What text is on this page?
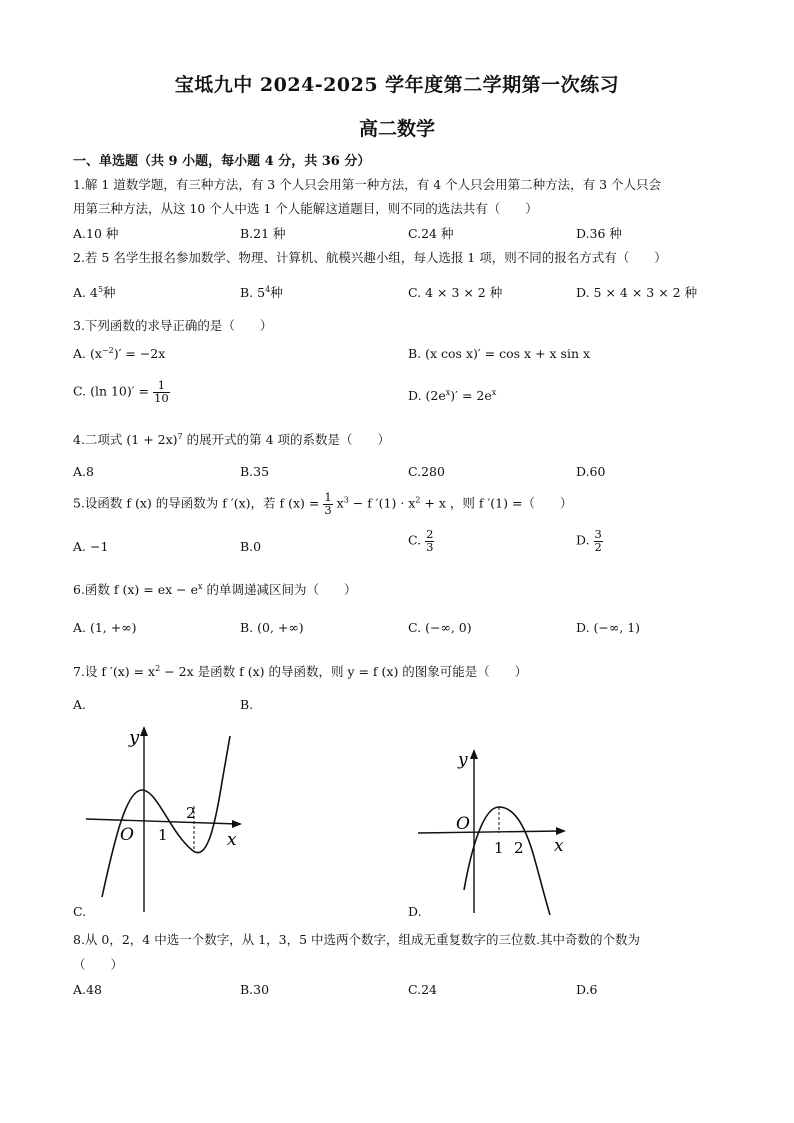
宝坻九中 2024-2025 学年度第二学期第一次练习
高二数学
一、单选题（共 9 小题，每小题 4 分，共 36 分）
1.解 1 道数学题，有三种方法，有 3 个人只会用第一种方法，有 4 个人只会用第二种方法，有 3 个人只会
用第三种方法，从这 10 个人中选 1 个人能解这道题目，则不同的选法共有（　　）
A.10 种	B.21 种	C.24 种	D.36 种
2.若 5 名学生报名参加数学、物理、计算机、航模兴趣小组，每人选报 1 项，则不同的报名方式有（　　）
A. $4^5$种	B. $5^4$种	C. 4 × 3 × 2 种	D. 5 × 4 × 3 × 2 种
3.下列函数的求导正确的是（　　）
A. $(x^{-2})' = -2x$	B. (x cos x)′ = cos x + x sin x
C. (ln $10)' = \frac{1}{10}$	D. $(2e^x)' = 2e^x$
4.二项式 $(1 + 2x)^7$ 的展开式的第 4 项的系数是（　　）
A.8	B.35	C.280	D.60
5.设函数 f (x) 的导函数为 f ′(x)，若 f $(x) = \frac{1}{3} x^3 - f$ $'(1) \cdot x^2 + x$ ，则 f ′(1) =（　　）
A. −1	B.0	C. $\frac{2}{3}$	D. $\frac{3}{2}$
6.函数 f (x) = ex − $e^x$ 的单调递减区间为（　　）
A. (1, +∞)	B. (0, +∞)	C. (−∞, 0)	D. (−∞, 1)
7.设 f $'(x) = x^2 - 2x$ 是函数 f (x) 的导函数，则 y = f (x) 的图象可能是（　　）
A.	B.
y
x
O 1
2
y
x
O
1 2
C.	D.
8.从 0，2，4 中选一个数字，从 1，3，5 中选两个数字，组成无重复数字的三位数.其中奇数的个数为
（　　）
A.48	B.30	C.24	D.6
